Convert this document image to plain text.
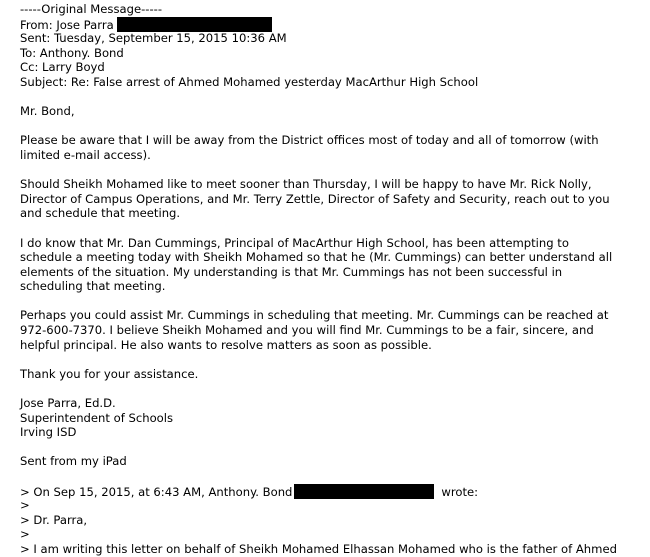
-----Original Message-----
From: Jose Parra
Sent: Tuesday, September 15, 2015 10:36 AM
To: Anthony. Bond
Cc: Larry Boyd
Subject: Re: False arrest of Ahmed Mohamed yesterday MacArthur High School
Mr. Bond,
Please be aware that I will be away from the District offices most of today and all of tomorrow (with
limited e-mail access).
Should Sheikh Mohamed like to meet sooner than Thursday, I will be happy to have Mr. Rick Nolly,
Director of Campus Operations, and Mr. Terry Zettle, Director of Safety and Security, reach out to you
and schedule that meeting.
I do know that Mr. Dan Cummings, Principal of MacArthur High School, has been attempting to
schedule a meeting today with Sheikh Mohamed so that he (Mr. Cummings) can better understand all
elements of the situation. My understanding is that Mr. Cummings has not been successful in
scheduling that meeting.
Perhaps you could assist Mr. Cummings in scheduling that meeting. Mr. Cummings can be reached at
972-600-7370. I believe Sheikh Mohamed and you will find Mr. Cummings to be a fair, sincere, and
helpful principal. He also wants to resolve matters as soon as possible.
Thank you for your assistance.
Jose Parra, Ed.D.
Superintendent of Schools
Irving ISD
Sent from my iPad
> On Sep 15, 2015, at 6:43 AM, Anthony. Bond	wrote:
>
> Dr. Parra,
>
> I am writing this letter on behalf of Sheikh Mohamed Elhassan Mohamed who is the father of Ahmed
